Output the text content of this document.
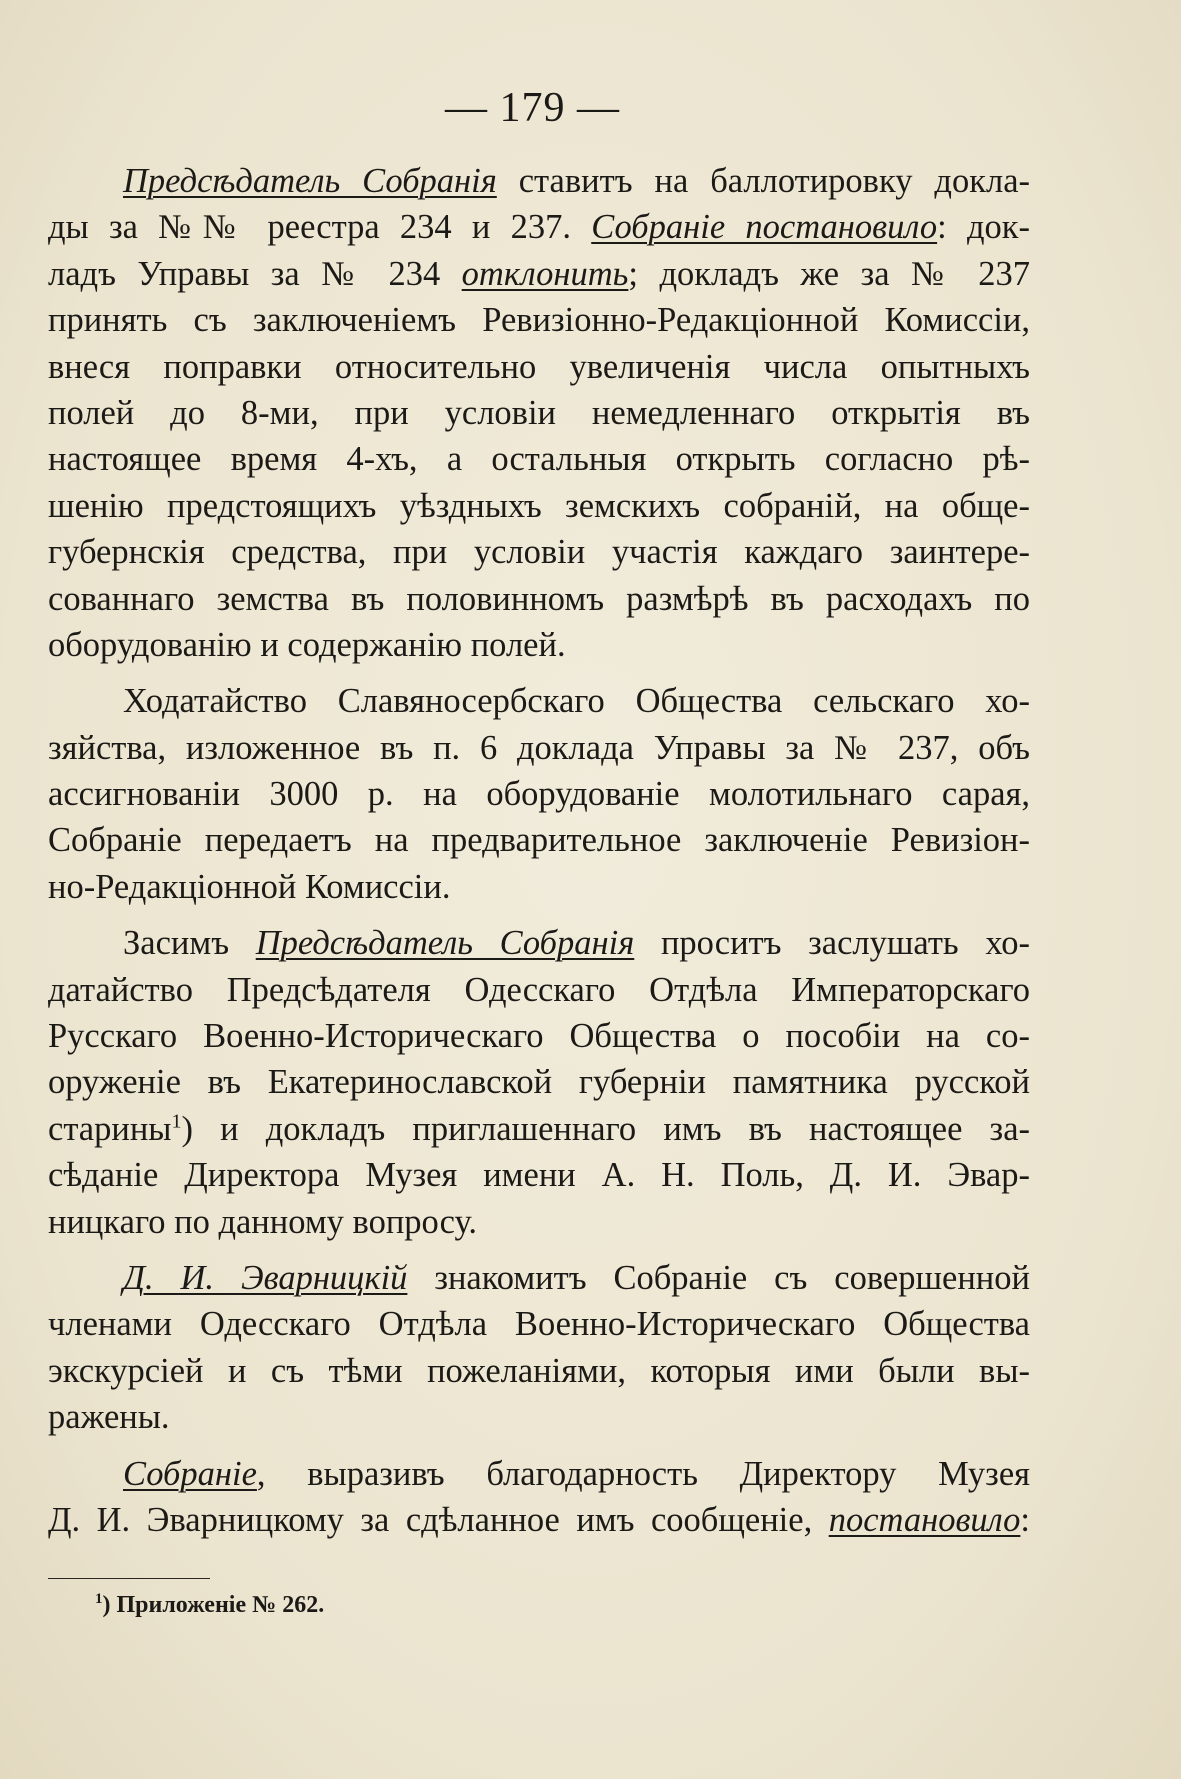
— 179 —
Предсѣдатель Собранія ставитъ на баллотировку докла-
ды за №№ реестра 234 и 237. Собраніе постановило: док-
ладъ Управы за № 234 отклонить; докладъ же за № 237
принять съ заключеніемъ Ревизіонно-Редакціонной Комиссіи,
внеся поправки относительно увеличенія числа опытныхъ
полей до 8-ми, при условіи немедленнаго открытія въ
настоящее время 4-хъ, а остальныя открыть согласно рѣ-
шенію предстоящихъ уѣздныхъ земскихъ собраній, на обще-
губернскія средства, при условіи участія каждаго заинтере-
сованнаго земства въ половинномъ размѣрѣ въ расходахъ по
оборудованію и содержанію полей.
Ходатайство Славяносербскаго Общества сельскаго хо-
зяйства, изложенное въ п. 6 доклада Управы за № 237, объ
ассигнованіи 3000 р. на оборудованіе молотильнаго сарая,
Собраніе передаетъ на предварительное заключеніе Ревизіон-
но-Редакціонной Комиссіи.
Засимъ Предсѣдатель Собранія проситъ заслушать хо-
датайство Предсѣдателя Одесскаго Отдѣла Императорскаго
Русскаго Военно-Историческаго Общества о пособіи на со-
оруженіе въ Екатеринославской губерніи памятника русской
старины$^1$) и докладъ приглашеннаго имъ въ настоящее за-
сѣданіе Директора Музея имени А. Н. Поль, Д. И. Эвар-
ницкаго по данному вопросу.
Д. И. Эварницкій знакомитъ Собраніе съ совершенной
членами Одесскаго Отдѣла Военно-Историческаго Общества
экскурсіей и съ тѣми пожеланіями, которыя ими были вы-
ражены.
Собраніе, выразивъ благодарность Директору Музея
Д. И. Эварницкому за сдѣланное имъ сообщеніе, постановило:
$^1$) Приложеніе № 262.
